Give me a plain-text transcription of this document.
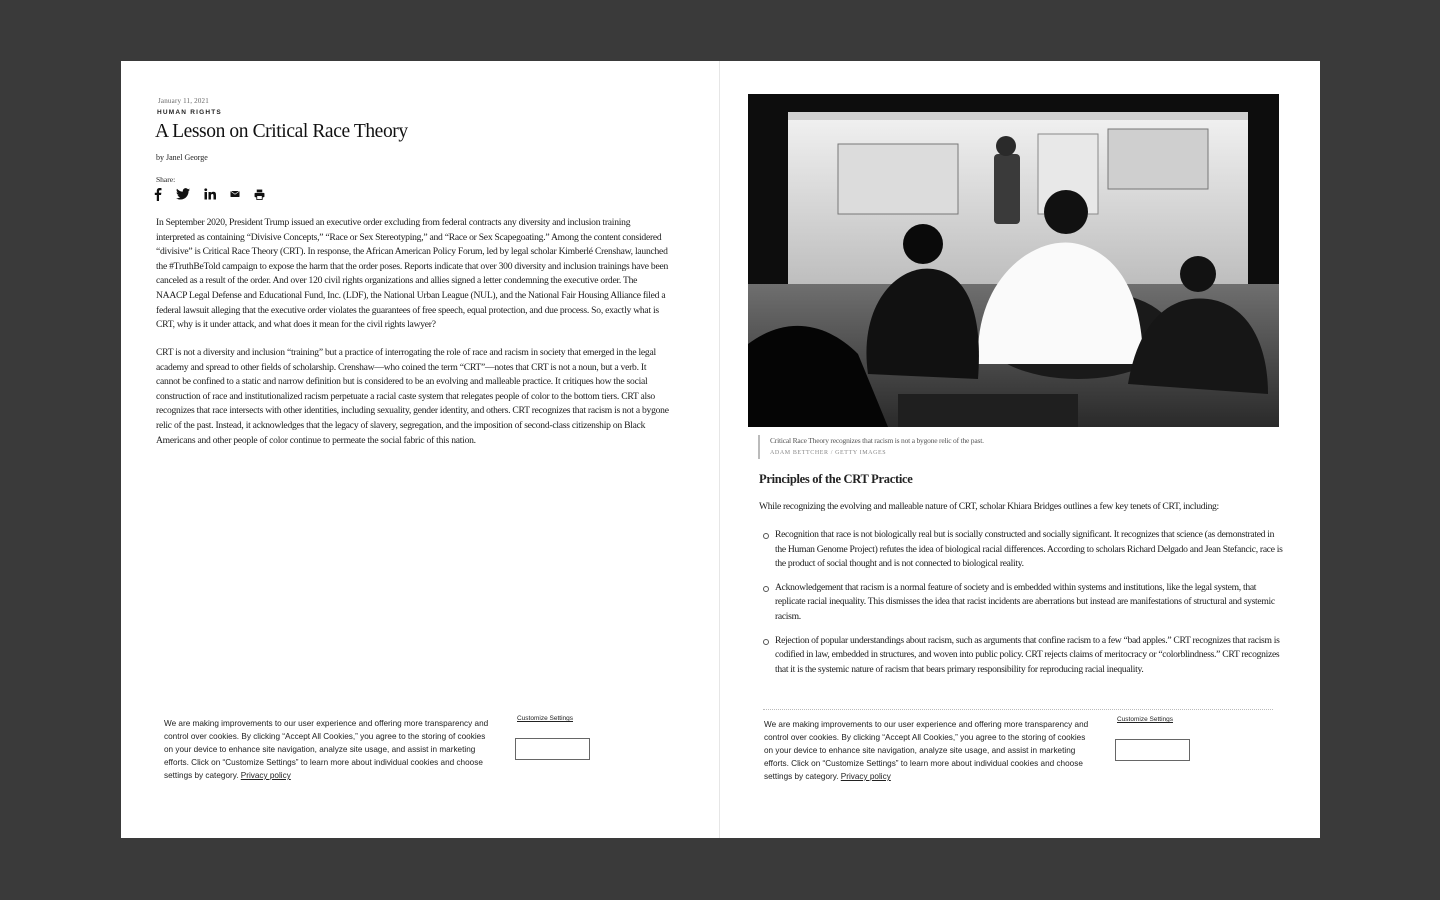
January 11, 2021
HUMAN RIGHTS
A Lesson on Critical Race Theory
by Janel George
Share:

In September 2020, President Trump issued an executive order excluding from federal contracts any diversity and inclusion training interpreted as containing “Divisive Concepts,” “Race or Sex Stereotyping,” and “Race or Sex Scapegoating.” Among the content considered “divisive” is Critical Race Theory (CRT). In response, the African American Policy Forum, led by legal scholar Kimberlé Crenshaw, launched the #TruthBeTold campaign to expose the harm that the order poses. Reports indicate that over 300 diversity and inclusion trainings have been canceled as a result of the order. And over 120 civil rights organizations and allies signed a letter condemning the executive order. The NAACP Legal Defense and Educational Fund, Inc. (LDF), the National Urban League (NUL), and the National Fair Housing Alliance filed a federal lawsuit alleging that the executive order violates the guarantees of free speech, equal protection, and due process. So, exactly what is CRT, why is it under attack, and what does it mean for the civil rights lawyer?

CRT is not a diversity and inclusion “training” but a practice of interrogating the role of race and racism in society that emerged in the legal academy and spread to other fields of scholarship. Crenshaw—who coined the term “CRT”—notes that CRT is not a noun, but a verb. It cannot be confined to a static and narrow definition but is considered to be an evolving and malleable practice. It critiques how the social construction of race and institutionalized racism perpetuate a racial caste system that relegates people of color to the bottom tiers. CRT also recognizes that race intersects with other identities, including sexuality, gender identity, and others. CRT recognizes that racism is not a bygone relic of the past. Instead, it acknowledges that the legacy of slavery, segregation, and the imposition of second-class citizenship on Black Americans and other people of color continue to permeate the social fabric of this nation.

We are making improvements to our user experience and offering more transparency and control over cookies. By clicking “Accept All Cookies,” you agree to the storing of cookies on your device to enhance site navigation, analyze site usage, and assist in marketing efforts. Click on “Customize Settings” to learn more about individual cookies and choose settings by category. Privacy policy

Customize Settings
Critical Race Theory recognizes that racism is not a bygone relic of the past.
ADAM BETTCHER / GETTY IMAGES
Principles of the CRT Practice

While recognizing the evolving and malleable nature of CRT, scholar Khiara Bridges outlines a few key tenets of CRT, including:

Recognition that race is not biologically real but is socially constructed and socially significant. It recognizes that science (as demonstrated in the Human Genome Project) refutes the idea of biological racial differences. According to scholars Richard Delgado and Jean Stefancic, race is the product of social thought and is not connected to biological reality.
Acknowledgement that racism is a normal feature of society and is embedded within systems and institutions, like the legal system, that replicate racial inequality. This dismisses the idea that racist incidents are aberrations but instead are manifestations of structural and systemic racism.
Rejection of popular understandings about racism, such as arguments that confine racism to a few “bad apples.” CRT recognizes that racism is codified in law, embedded in structures, and woven into public policy. CRT rejects claims of meritocracy or “colorblindness.” CRT recognizes that it is the systemic nature of racism that bears primary responsibility for reproducing racial inequality.

We are making improvements to our user experience and offering more transparency and control over cookies. By clicking “Accept All Cookies,” you agree to the storing of cookies on your device to enhance site navigation, analyze site usage, and assist in marketing efforts. Click on “Customize Settings” to learn more about individual cookies and choose settings by category. Privacy policy

Customize Settings
